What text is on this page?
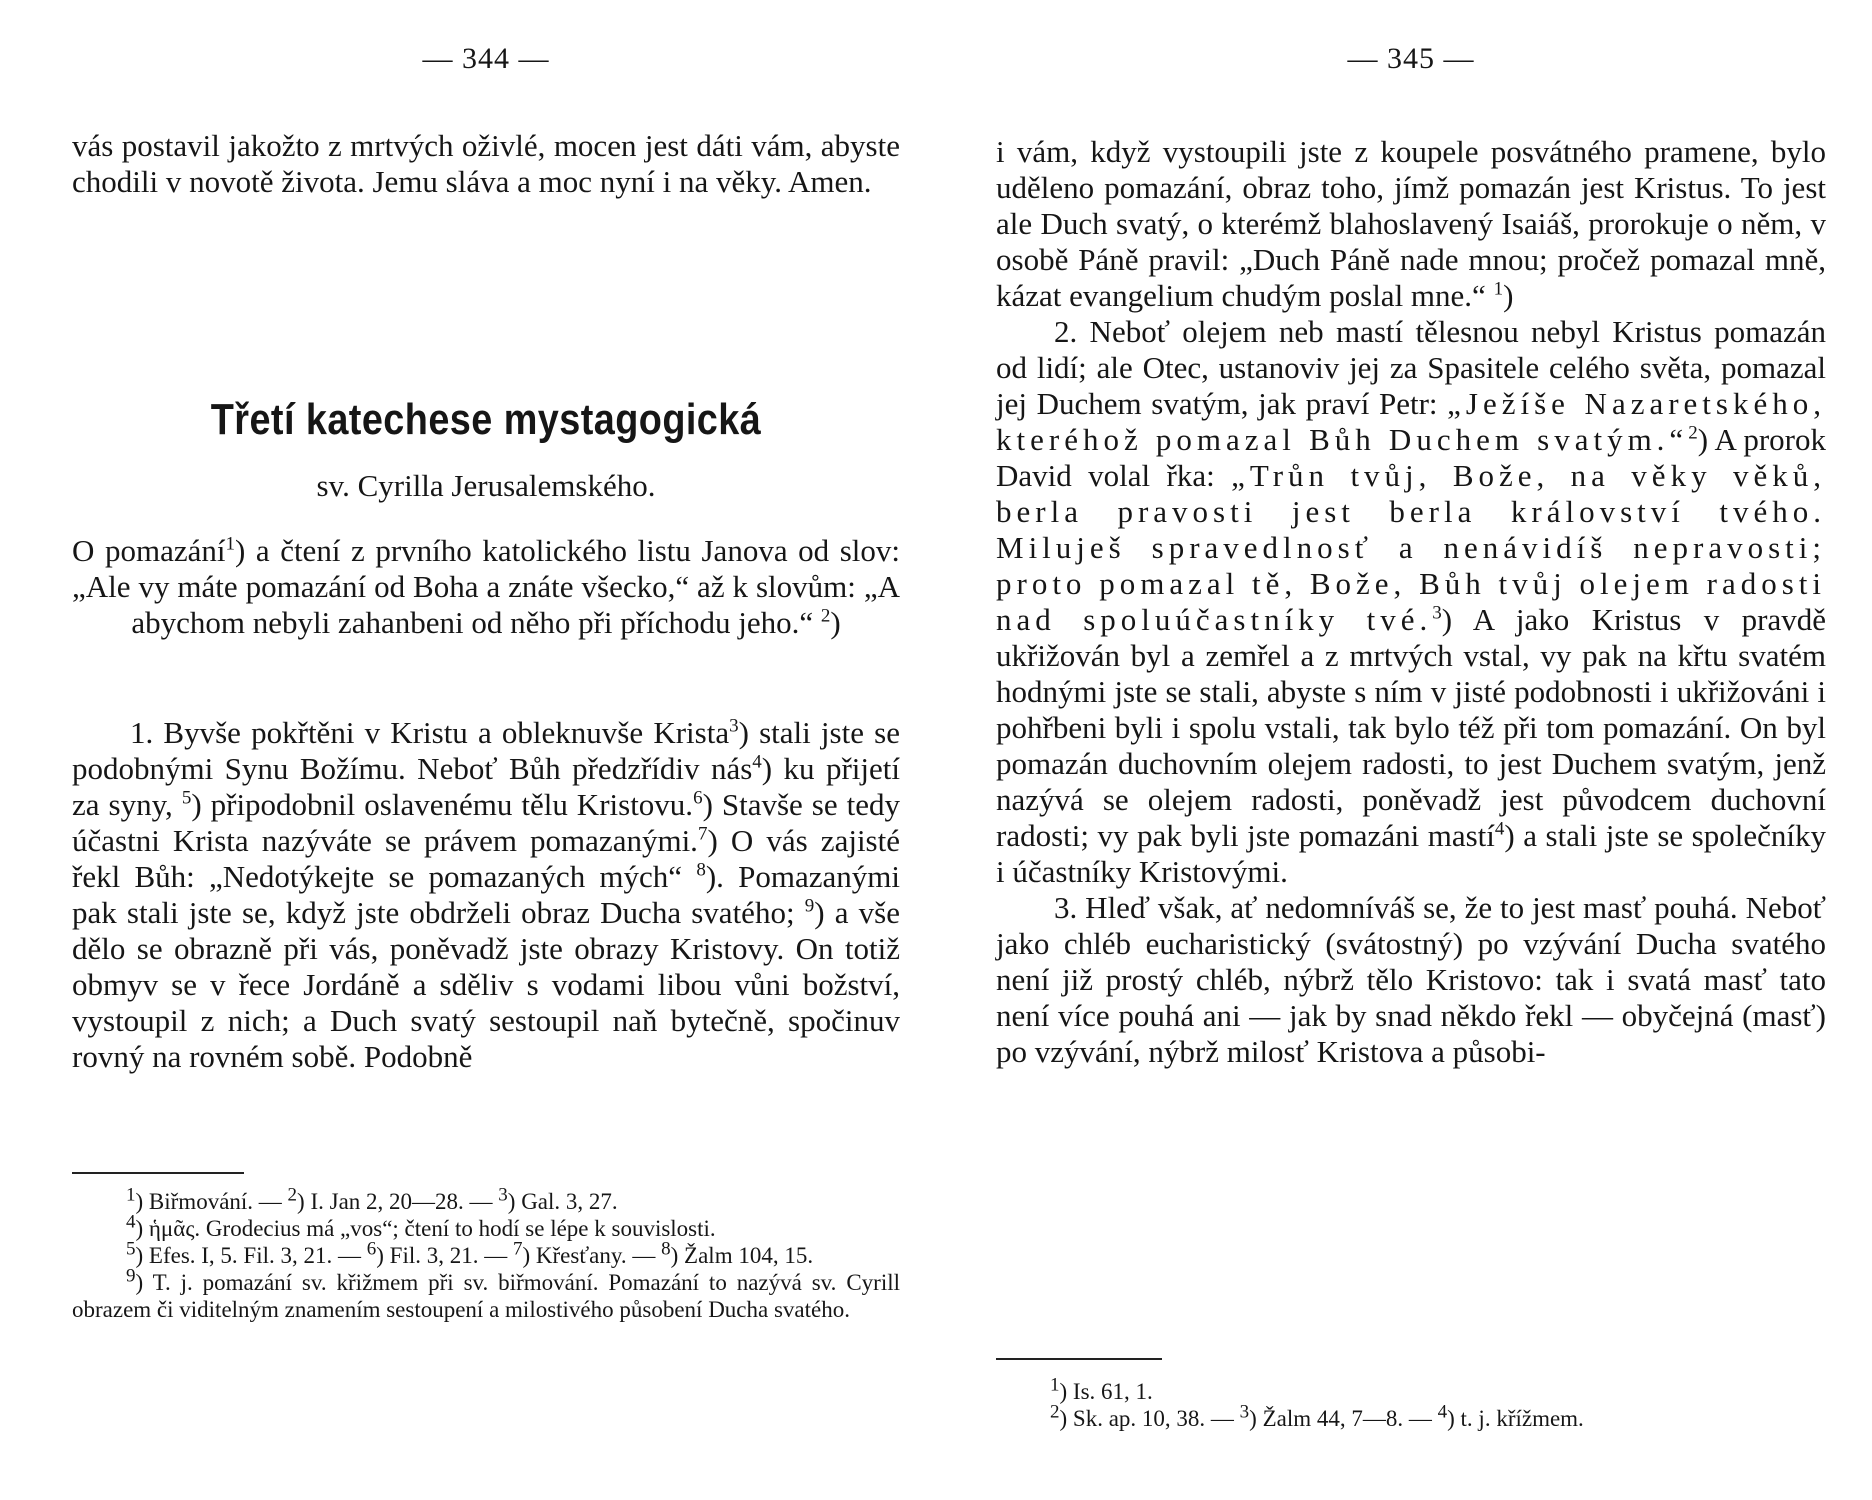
— 344 —

vás postavil jakožto z mrtvých oživlé, mocen jest dáti vám, abyste chodili v novotě života. Jemu sláva a moc nyní i na věky. Amen.

Třetí katechese mystagogická
sv. Cyrilla Jerusalemského.

O pomazání$^1$) a čtení z prvního katolického listu Janova od slov: „Ale vy máte pomazání od Boha a znáte všecko,“ až k slovům: „A abychom nebyli zahanbeni od něho při příchodu jeho.“ $^2$)

1. Byvše pokřtěni v Kristu a obleknuvše Krista$^3$) stali jste se podobnými Synu Božímu. Neboť Bůh předzřídiv nás$^4$) ku přijetí za syny, $^5$) připodobnil oslavenému tělu Kristovu.$^6$) Stavše se tedy účastni Krista nazýváte se právem pomazanými.$^7$) O vás zajisté řekl Bůh: „Nedotýkejte se pomazaných mých“ $^8$). Pomazanými pak stali jste se, když jste obdrželi obraz Ducha svatého; $^9$) a vše dělo se obrazně při vás, poněvadž jste obrazy Kristovy. On totiž obmyv se v řece Jordáně a sděliv s vodami libou vůni božství, vystoupil z nich; a Duch svatý sestoupil naň bytečně, spočinuv rovný na rovném sobě. Podobně

$^1$) Biřmování. — $^2$) I. Jan 2, 20—28. — $^3$) Gal. 3, 27.

$^4$) ἡμᾶς. Grodecius má „vos“; čtení to hodí se lépe k souvislosti.

$^5$) Efes. I, 5. Fil. 3, 21. — $^6$) Fil. 3, 21. — $^7$) Křesťany. — $^8$) Žalm 104, 15.

$^9$) T. j. pomazání sv. křižmem při sv. biřmování. Pomazání to nazývá sv. Cyrill obrazem či viditelným znamením sestoupení a milostivého působení Ducha svatého.

— 345 —

i vám, když vystoupili jste z koupele posvátného pramene, bylo uděleno pomazání, obraz toho, jímž pomazán jest Kristus. To jest ale Duch svatý, o kterémž blahoslavený Isaiáš, prorokuje o něm, v osobě Páně pravil: „Duch Páně nade mnou; pročež pomazal mně, kázat evangelium chudým poslal mne.“ $^1$)

2. Neboť olejem neb mastí tělesnou nebyl Kristus pomazán od lidí; ale Otec, ustanoviv jej za Spasitele celého světa, pomazal jej Duchem svatým, jak praví Petr: „Ježíše Nazaretského, kteréhož pomazal Bůh Duchem svatým.“$^2$) A prorok David volal řka: „Trůn tvůj, Bože, na věky věků, berla pravosti jest berla království tvého. Miluješ spravedlnosť a nenávidíš nepravosti; proto pomazal tě, Bože, Bůh tvůj olejem radosti nad spoluúčastníky tvé.$^3$) A jako Kristus v pravdě ukřižován byl a zemřel a z mrtvých vstal, vy pak na křtu svatém hodnými jste se stali, abyste s ním v jisté podobnosti i ukřižováni i pohřbeni byli i spolu vstali, tak bylo též při tom pomazání. On byl pomazán duchovním olejem radosti, to jest Duchem svatým, jenž nazývá se olejem radosti, poněvadž jest původcem duchovní radosti; vy pak byli jste pomazáni mastí$^4$) a stali jste se společníky i účastníky Kristovými.

3. Hleď však, ať nedomníváš se, že to jest masť pouhá. Neboť jako chléb eucharistický (svátostný) po vzývání Ducha svatého není již prostý chléb, nýbrž tělo Kristovo: tak i svatá masť tato není více pouhá ani — jak by snad někdo řekl — obyčejná (masť) po vzývání, nýbrž milosť Kristova a působi-

$^1$) Is. 61, 1.

$^2$) Sk. ap. 10, 38. — $^3$) Žalm 44, 7—8. — $^4$) t. j. křížmem.
